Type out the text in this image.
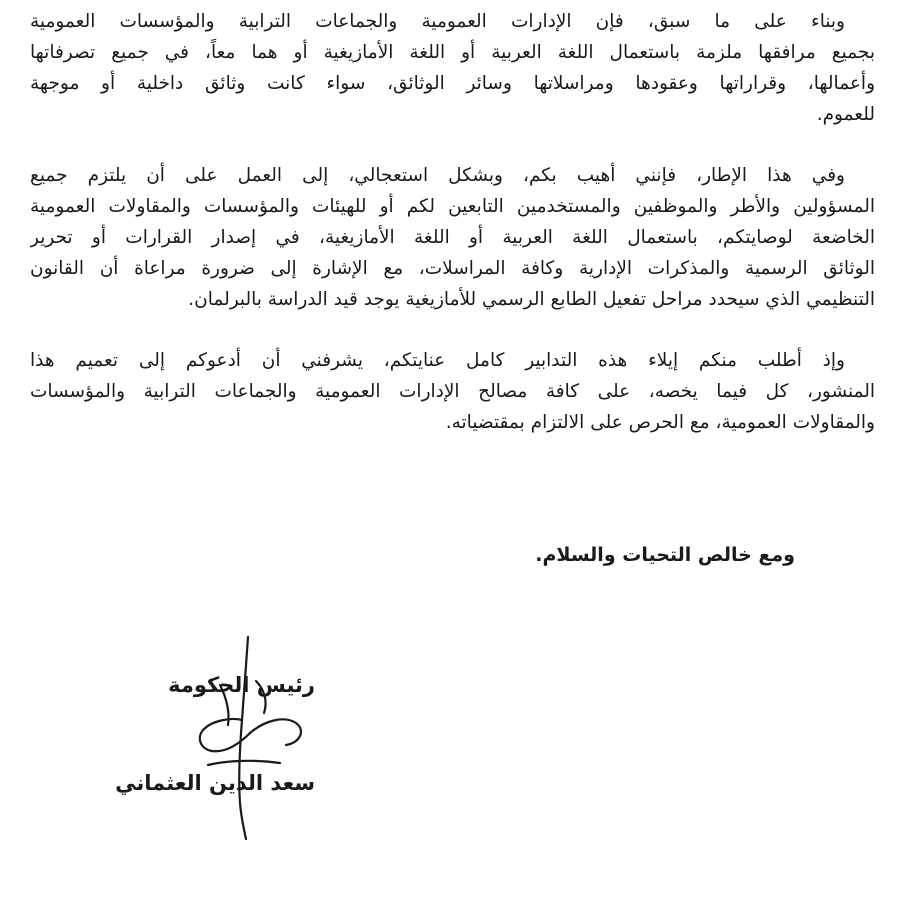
وبناء على ما سبق، فإن الإدارات العمومية والجماعات الترابية والمؤسسات العمومية
بجميع مرافقها ملزمة باستعمال اللغة العربية أو اللغة الأمازيغية أو هما معاً، في جميع تصرفاتها
وأعمالها، وقراراتها وعقودها ومراسلاتها وسائر الوثائق، سواء كانت وثائق داخلية أو موجهة
للعموم.
وفي هذا الإطار، فإنني أهيب بكم، وبشكل استعجالي، إلى العمل على أن يلتزم جميع
المسؤولين والأطر والموظفين والمستخدمين التابعين لكم أو للهيئات والمؤسسات والمقاولات العمومية
الخاضعة لوصايتكم، باستعمال اللغة العربية أو اللغة الأمازيغية، في إصدار القرارات أو تحرير
الوثائق الرسمية والمذكرات الإدارية وكافة المراسلات، مع الإشارة إلى ضرورة مراعاة أن القانون
التنظيمي الذي سيحدد مراحل تفعيل الطابع الرسمي للأمازيغية يوجد قيد الدراسة بالبرلمان.
وإذ أطلب منكم إيلاء هذه التدابير كامل عنايتكم، يشرفني أن أدعوكم إلى تعميم هذا
المنشور، كل فيما يخصه، على كافة مصالح الإدارات العمومية والجماعات الترابية والمؤسسات
والمقاولات العمومية، مع الحرص على الالتزام بمقتضياته.
ومع خالص التحيات والسلام.
رئيس الحكومة
سعد الدين العثماني
